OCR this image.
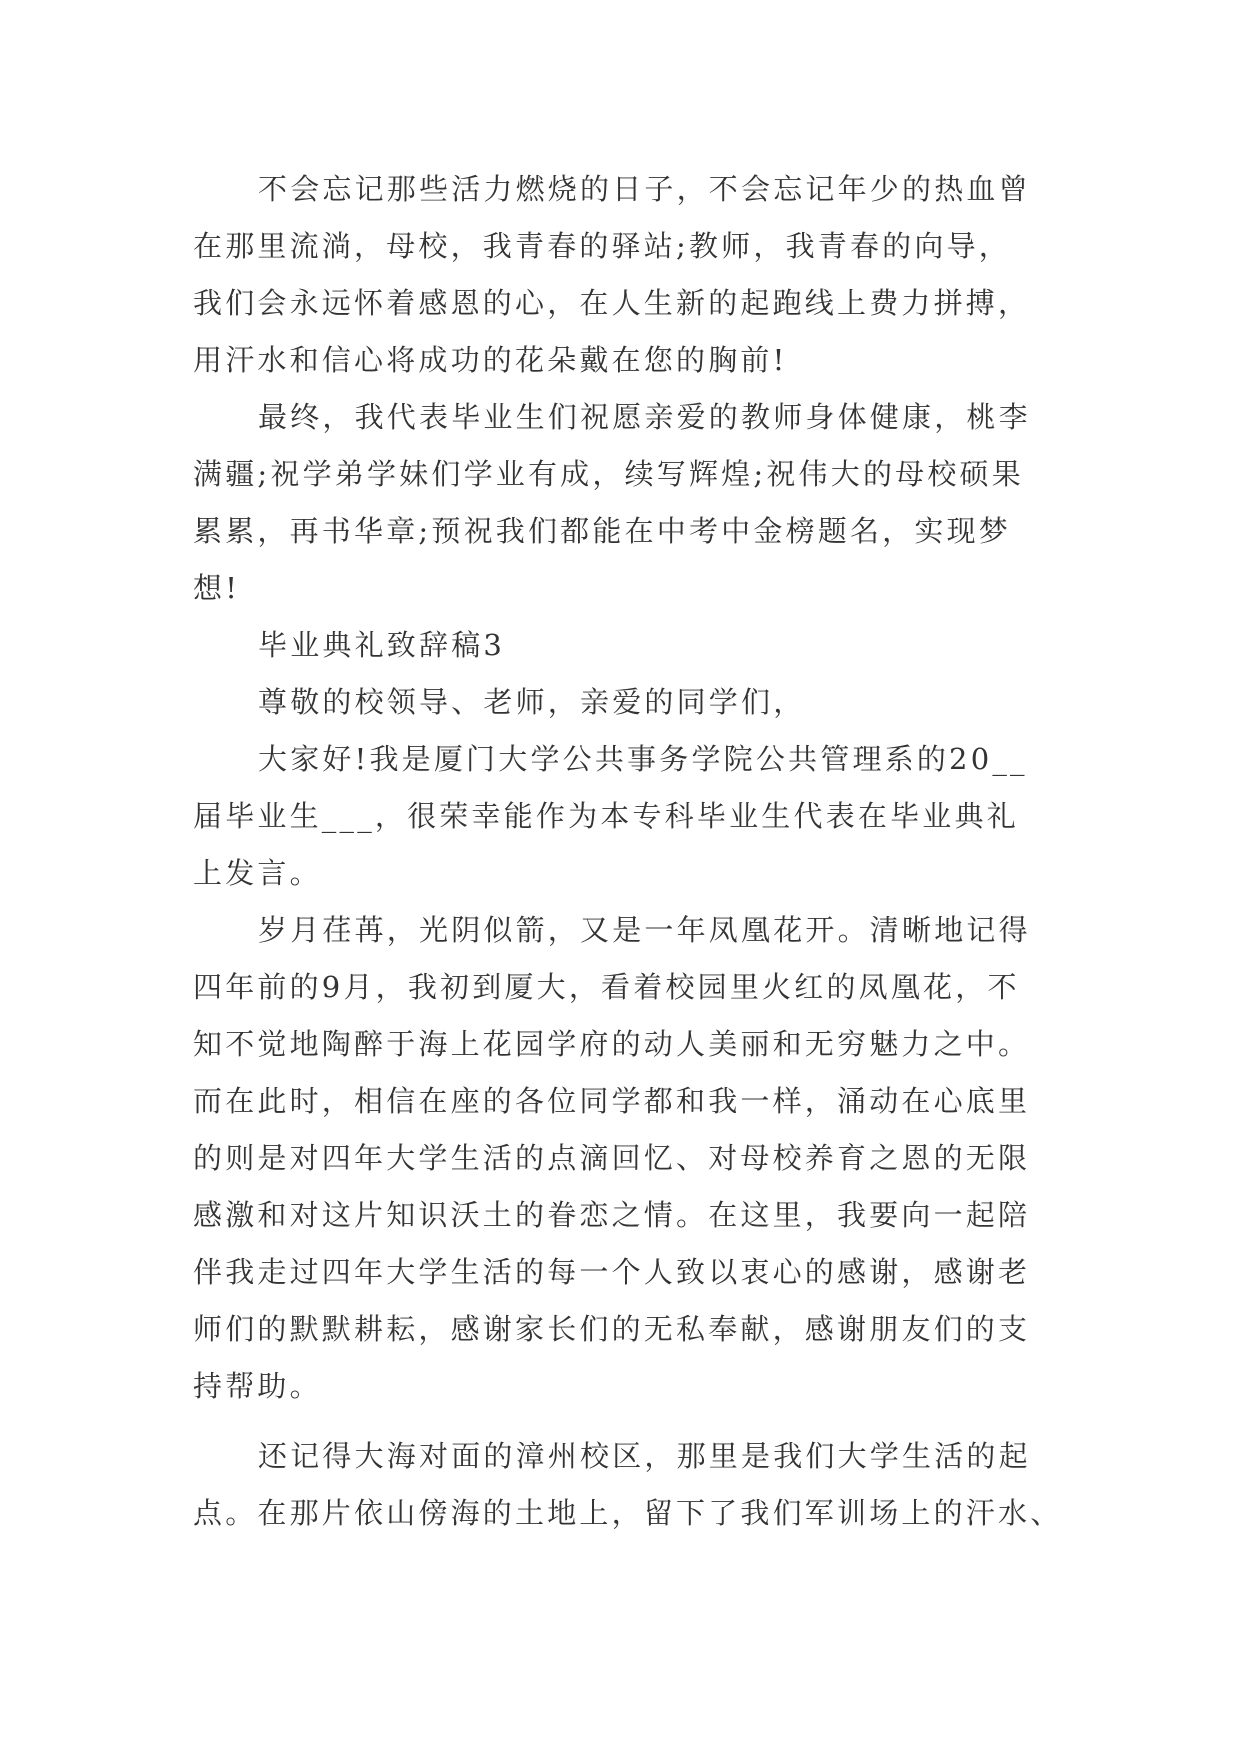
不会忘记那些活力燃烧的日子，不会忘记年少的热血曾
在那里流淌，母校，我青春的驿站;教师，我青春的向导，
我们会永远怀着感恩的心，在人生新的起跑线上费力拼搏，
用汗水和信心将成功的花朵戴在您的胸前!
最终，我代表毕业生们祝愿亲爱的教师身体健康，桃李
满疆;祝学弟学妹们学业有成，续写辉煌;祝伟大的母校硕果
累累，再书华章;预祝我们都能在中考中金榜题名，实现梦
想!
毕业典礼致辞稿3
尊敬的校领导、老师，亲爱的同学们，
大家好!我是厦门大学公共事务学院公共管理系的20__
届毕业生___，很荣幸能作为本专科毕业生代表在毕业典礼
上发言。
岁月荏苒，光阴似箭，又是一年凤凰花开。清晰地记得
四年前的9月，我初到厦大，看着校园里火红的凤凰花，不
知不觉地陶醉于海上花园学府的动人美丽和无穷魅力之中。
而在此时，相信在座的各位同学都和我一样，涌动在心底里
的则是对四年大学生活的点滴回忆、对母校养育之恩的无限
感激和对这片知识沃土的眷恋之情。在这里，我要向一起陪
伴我走过四年大学生活的每一个人致以衷心的感谢，感谢老
师们的默默耕耘，感谢家长们的无私奉献，感谢朋友们的支
持帮助。
还记得大海对面的漳州校区，那里是我们大学生活的起
点。在那片依山傍海的土地上，留下了我们军训场上的汗水、
